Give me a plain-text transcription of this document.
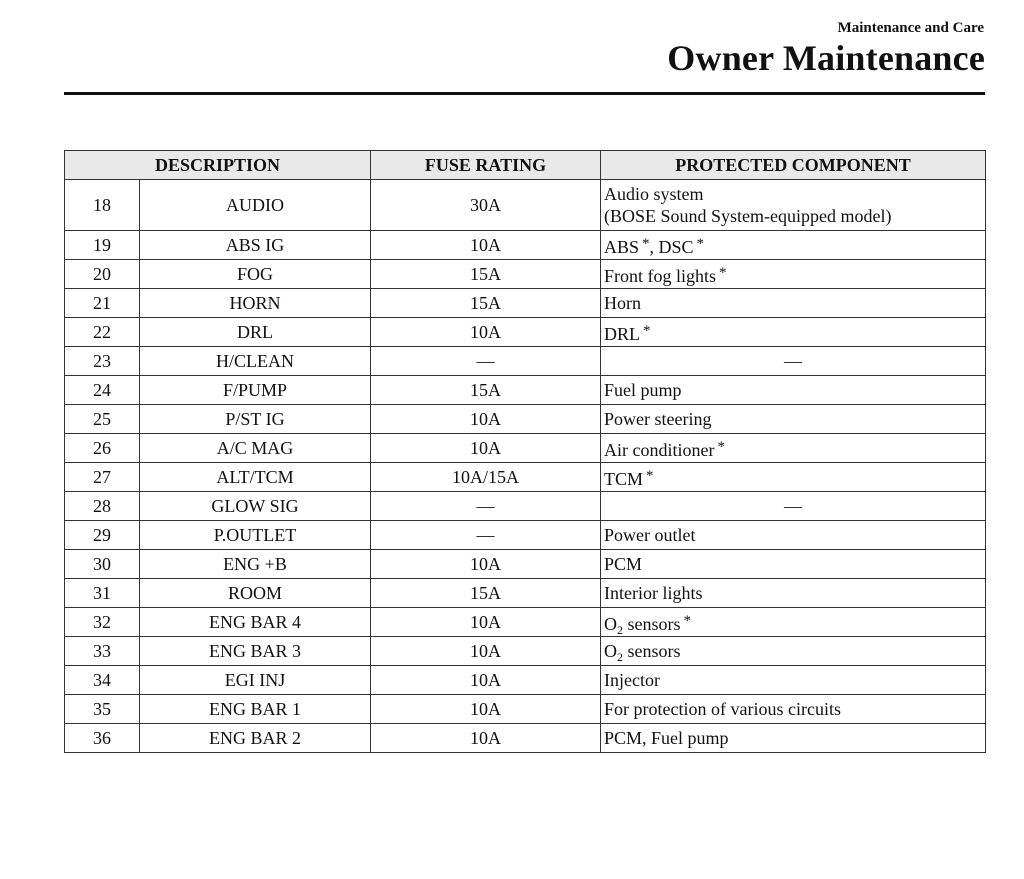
Maintenance and Care
Owner Maintenance
DESCRIPTION		FUSE RATING	PROTECTED COMPONENT
18	AUDIO	30A	Audio system
(BOSE Sound System-equipped model)

19	ABS IG	10A	ABS *, DSC *
20	FOG	15A	Front fog lights *
21	HORN	15A	Horn
22	DRL	10A	DRL *
23	H/CLEAN	—	—
24	F/PUMP	15A	Fuel pump
25	P/ST IG	10A	Power steering
26	A/C MAG	10A	Air conditioner *
27	ALT/TCM	10A/15A	TCM *
28	GLOW SIG	—	—
29	P.OUTLET	—	Power outlet
30	ENG +B	10A	PCM
31	ROOM	15A	Interior lights
32	ENG BAR 4	10A	$O_2$ sensors *
33	ENG BAR 3	10A	$O_2$ sensors
34	EGI INJ	10A	Injector
35	ENG BAR 1	10A	For protection of various circuits
36	ENG BAR 2	10A	PCM, Fuel pump
